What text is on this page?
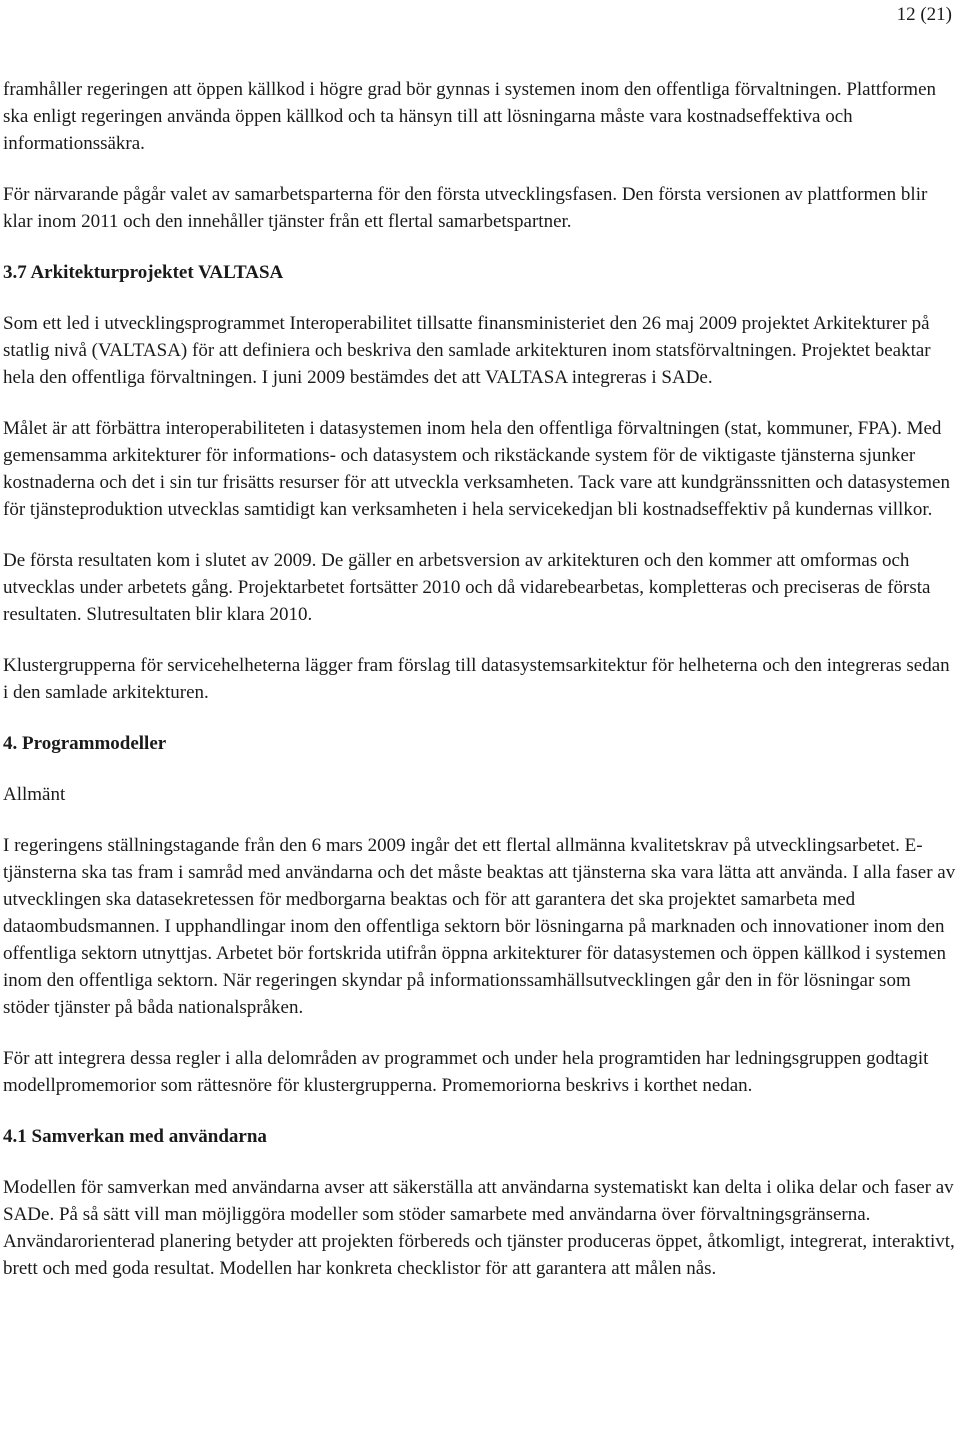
12 (21)

framhåller regeringen att öppen källkod i högre grad bör gynnas i systemen inom den offentliga förvaltningen. Plattformen ska enligt regeringen använda öppen källkod och ta hänsyn till att lösningarna måste vara kostnadseffektiva och informationssäkra.

För närvarande pågår valet av samarbetsparterna för den första utvecklingsfasen. Den första versionen av plattformen blir klar inom 2011 och den innehåller tjänster från ett flertal samarbetspartner.

3.7 Arkitekturprojektet VALTASA

Som ett led i utvecklingsprogrammet Interoperabilitet tillsatte finansministeriet den 26 maj 2009 projektet Arkitekturer på statlig nivå (VALTASA) för att definiera och beskriva den samlade arkitekturen inom statsförvaltningen. Projektet beaktar hela den offentliga förvaltningen. I juni 2009 bestämdes det att VALTASA integreras i SADe.

Målet är att förbättra interoperabiliteten i datasystemen inom hela den offentliga förvaltningen (stat, kommuner, FPA). Med gemensamma arkitekturer för informations- och datasystem och rikstäckande system för de viktigaste tjänsterna sjunker kostnaderna och det i sin tur frisätts resurser för att utveckla verksamheten. Tack vare att kundgränssnitten och datasystemen för tjänsteproduktion utvecklas samtidigt kan verksamheten i hela servicekedjan bli kostnadseffektiv på kundernas villkor.

De första resultaten kom i slutet av 2009. De gäller en arbetsversion av arkitekturen och den kommer att omformas och utvecklas under arbetets gång. Projektarbetet fortsätter 2010 och då vidarebearbetas, kompletteras och preciseras de första resultaten. Slutresultaten blir klara 2010.

Klustergrupperna för servicehelheterna lägger fram förslag till datasystemsarkitektur för helheterna och den integreras sedan i den samlade arkitekturen.

4. Programmodeller

Allmänt

I regeringens ställningstagande från den 6 mars 2009 ingår det ett flertal allmänna kvalitetskrav på utvecklingsarbetet. E-tjänsterna ska tas fram i samråd med användarna och det måste beaktas att tjänsterna ska vara lätta att använda. I alla faser av utvecklingen ska datasekretessen för medborgarna beaktas och för att garantera det ska projektet samarbeta med dataombudsmannen. I upphandlingar inom den offentliga sektorn bör lösningarna på marknaden och innovationer inom den offentliga sektorn utnyttjas. Arbetet bör fortskrida utifrån öppna arkitekturer för datasystemen och öppen källkod i systemen inom den offentliga sektorn. När regeringen skyndar på informationssamhällsutvecklingen går den in för lösningar som stöder tjänster på båda nationalspråken.

För att integrera dessa regler i alla delområden av programmet och under hela programtiden har ledningsgruppen godtagit modellpromemorior som rättesnöre för klustergrupperna. Promemoriorna beskrivs i korthet nedan.

4.1 Samverkan med användarna

Modellen för samverkan med användarna avser att säkerställa att användarna systematiskt kan delta i olika delar och faser av SADe. På så sätt vill man möjliggöra modeller som stöder samarbete med användarna över förvaltningsgränserna. Användarorienterad planering betyder att projekten förbereds och tjänster produceras öppet, åtkomligt, integrerat, interaktivt, brett och med goda resultat. Modellen har konkreta checklistor för att garantera att målen nås.
